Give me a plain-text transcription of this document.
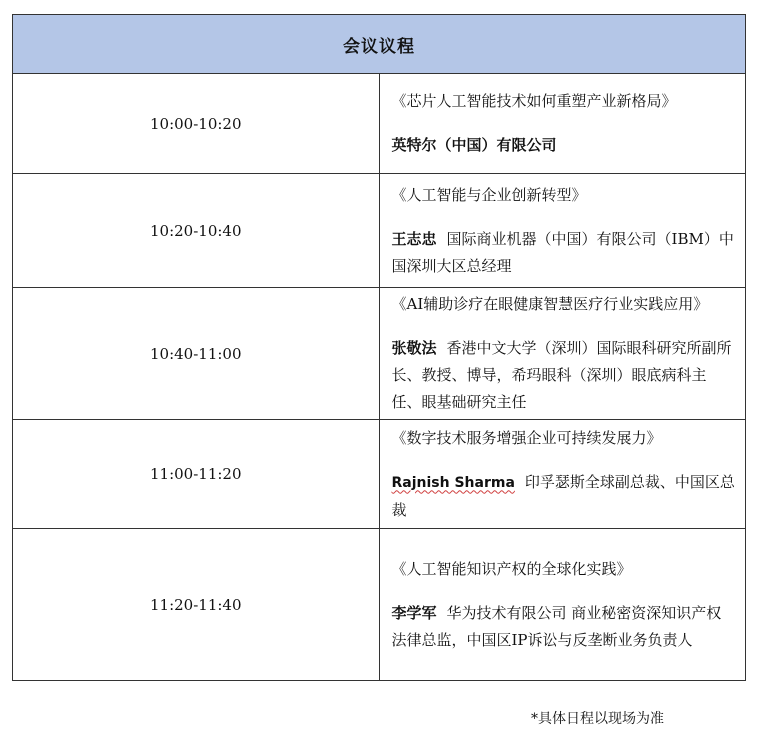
会议议程	
10:00-10:20	《芯片人工智能技术如何重塑产业新格局》
英特尔（中国）有限公司
10:20-10:40	《人工智能与企业创新转型》
王志忠 国际商业机器（中国）有限公司（IBM）中国深圳大区总经理
10:40-11:00	《AI辅助诊疗在眼健康智慧医疗行业实践应用》
张敬法 香港中文大学（深圳）国际眼科研究所副所长、教授、博导，希玛眼科（深圳）眼底病科主任、眼基础研究主任
11:00-11:20	《数字技术服务增强企业可持续发展力》
Rajnish Sharma 印孚瑟斯全球副总裁、中国区总裁
11:20-11:40	《人工智能知识产权的全球化实践》
李学军 华为技术有限公司 商业秘密资深知识产权法律总监，中国区IP诉讼与反垄断业务负责人
*具体日程以现场为准
